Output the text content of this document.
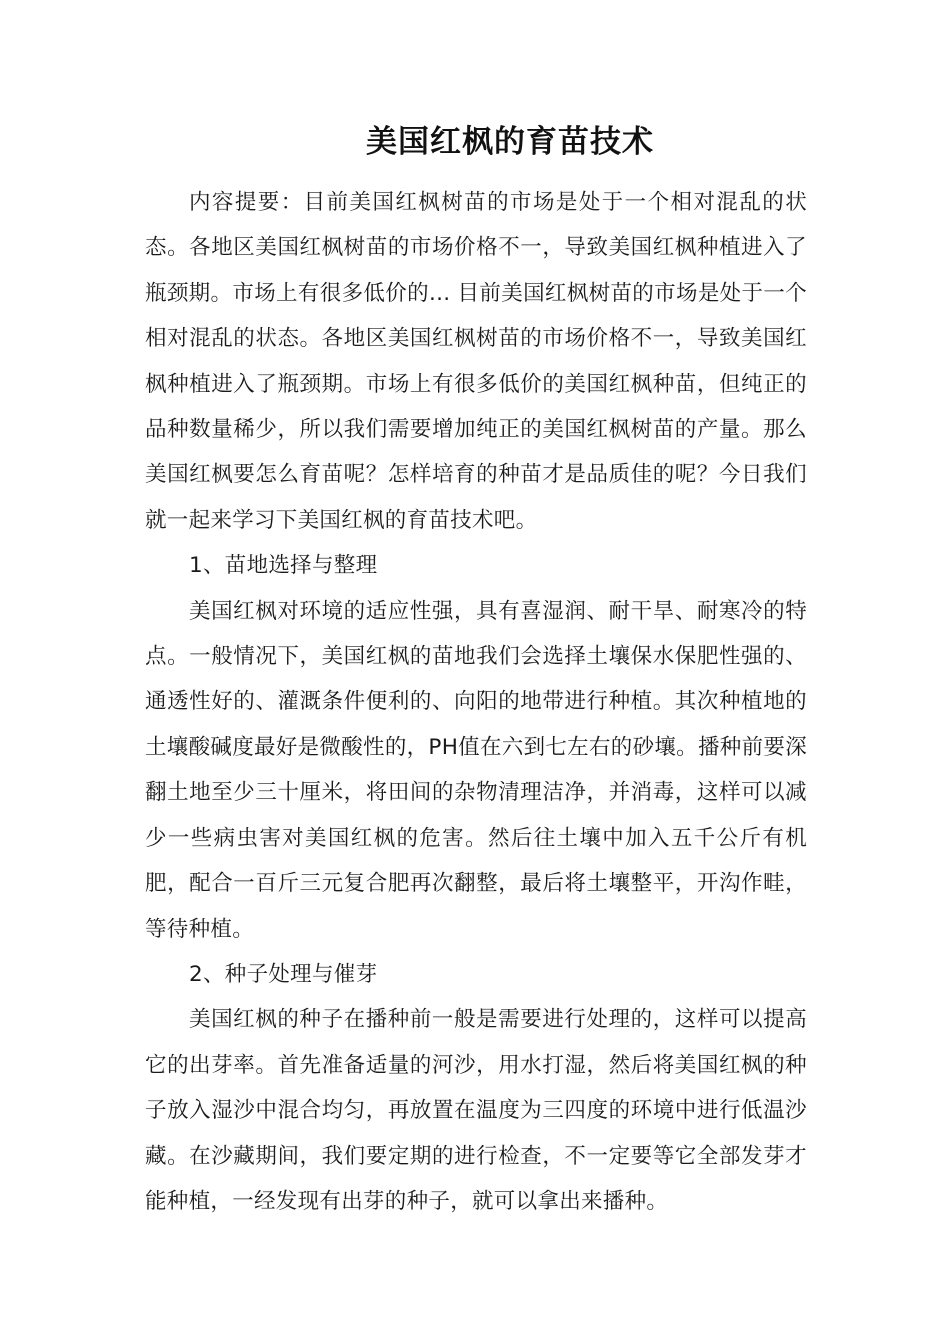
美国红枫的育苗技术

内容提要：目前美国红枫树苗的市场是处于一个相对混乱的状态。各地区美国红枫树苗的市场价格不一，导致美国红枫种植进入了瓶颈期。市场上有很多低价的... 目前美国红枫树苗的市场是处于一个相对混乱的状态。各地区美国红枫树苗的市场价格不一，导致美国红枫种植进入了瓶颈期。市场上有很多低价的美国红枫种苗，但纯正的品种数量稀少，所以我们需要增加纯正的美国红枫树苗的产量。那么美国红枫要怎么育苗呢？怎样培育的种苗才是品质佳的呢？今日我们就一起来学习下美国红枫的育苗技术吧。

1、苗地选择与整理

美国红枫对环境的适应性强，具有喜湿润、耐干旱、耐寒冷的特点。一般情况下，美国红枫的苗地我们会选择土壤保水保肥性强的、通透性好的、灌溉条件便利的、向阳的地带进行种植。其次种植地的土壤酸碱度最好是微酸性的，PH值在六到七左右的砂壤。播种前要深翻土地至少三十厘米，将田间的杂物清理洁净，并消毒，这样可以减少一些病虫害对美国红枫的危害。然后往土壤中加入五千公斤有机肥，配合一百斤三元复合肥再次翻整，最后将土壤整平，开沟作畦，等待种植。

2、种子处理与催芽

美国红枫的种子在播种前一般是需要进行处理的，这样可以提高它的出芽率。首先准备适量的河沙，用水打湿，然后将美国红枫的种子放入湿沙中混合均匀，再放置在温度为三四度的环境中进行低温沙藏。在沙藏期间，我们要定期的进行检查，不一定要等它全部发芽才能种植，一经发现有出芽的种子，就可以拿出来播种。
